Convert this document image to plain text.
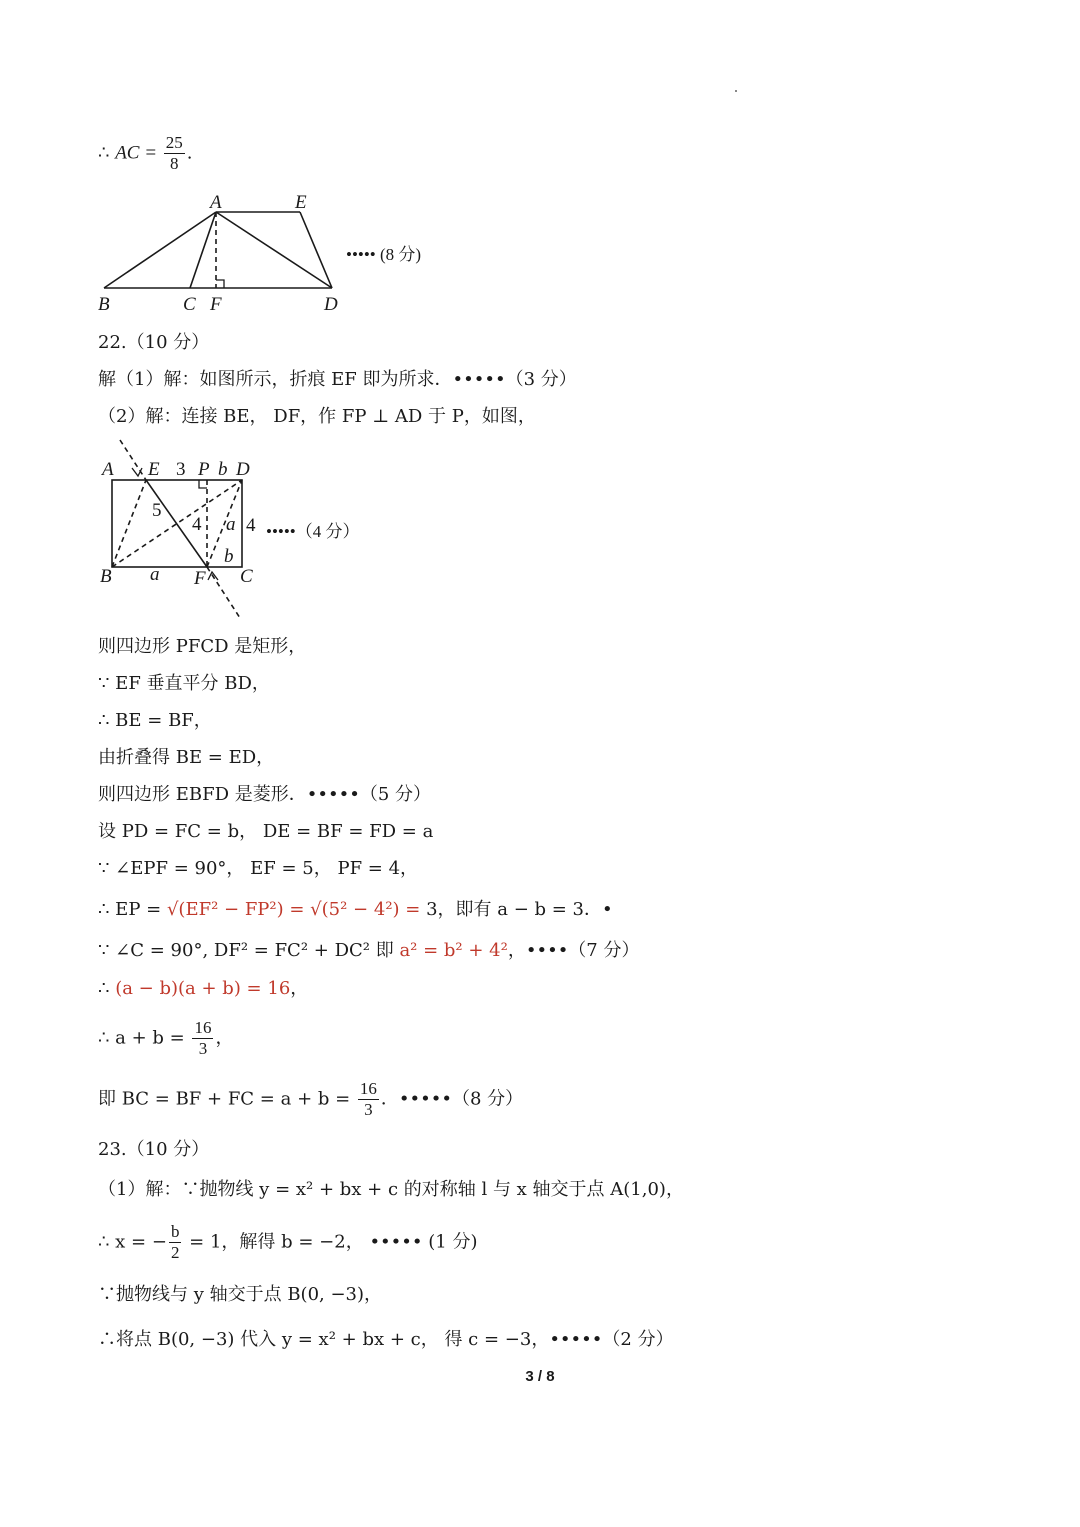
∴ AC = $\frac{25}{8}$ .
A	E
B	C F	D
••••• (8 分)
22.（10 分）
解（1）解：如图所示，折痕 EF 即为所求．•••••（3 分）
（2）解：连接 BE， DF，作 FP ⊥ AD 于 P，如图，
A E 3 P b D
5
4 a 4
b
B a F C
•••••（4 分）
则四边形 PFCD 是矩形，
∵ EF 垂直平分 BD，
∴ BE = BF，
由折叠得 BE = ED，
则四边形 EBFD 是菱形．•••••（5 分）
设 PD = FC = b， DE = BF = FD = a
∵ ∠EPF = 90°， EF = 5， PF = 4，
∴ EP = √(EF² − FP²) = √(5² − 4²) = 3，即有 a − b = 3．•
∵ ∠C = 90°, DF² = FC² + DC² 即 a² = b² + 4²，••••（7 分）
∴ (a − b)(a + b) = 16，
∴ $a + b = \frac{16}{3}$ ，
即 BC = BF + FC = $a + b = \frac{16}{3}$ ．•••••（8 分）
23.（10 分）
（1）解：∵抛物线 y = x² + bx + c 的对称轴 l 与 x 轴交于点 A(1,0)，
∴ x = − $\frac{b}{2} = 1$，解得 b = −2， ••••• (1 分)
∵抛物线与 y 轴交于点 B(0, −3)，
∴将点 B(0, −3) 代入 y = x² + bx + c， 得 c = −3，•••••（2 分）
3 / 8
